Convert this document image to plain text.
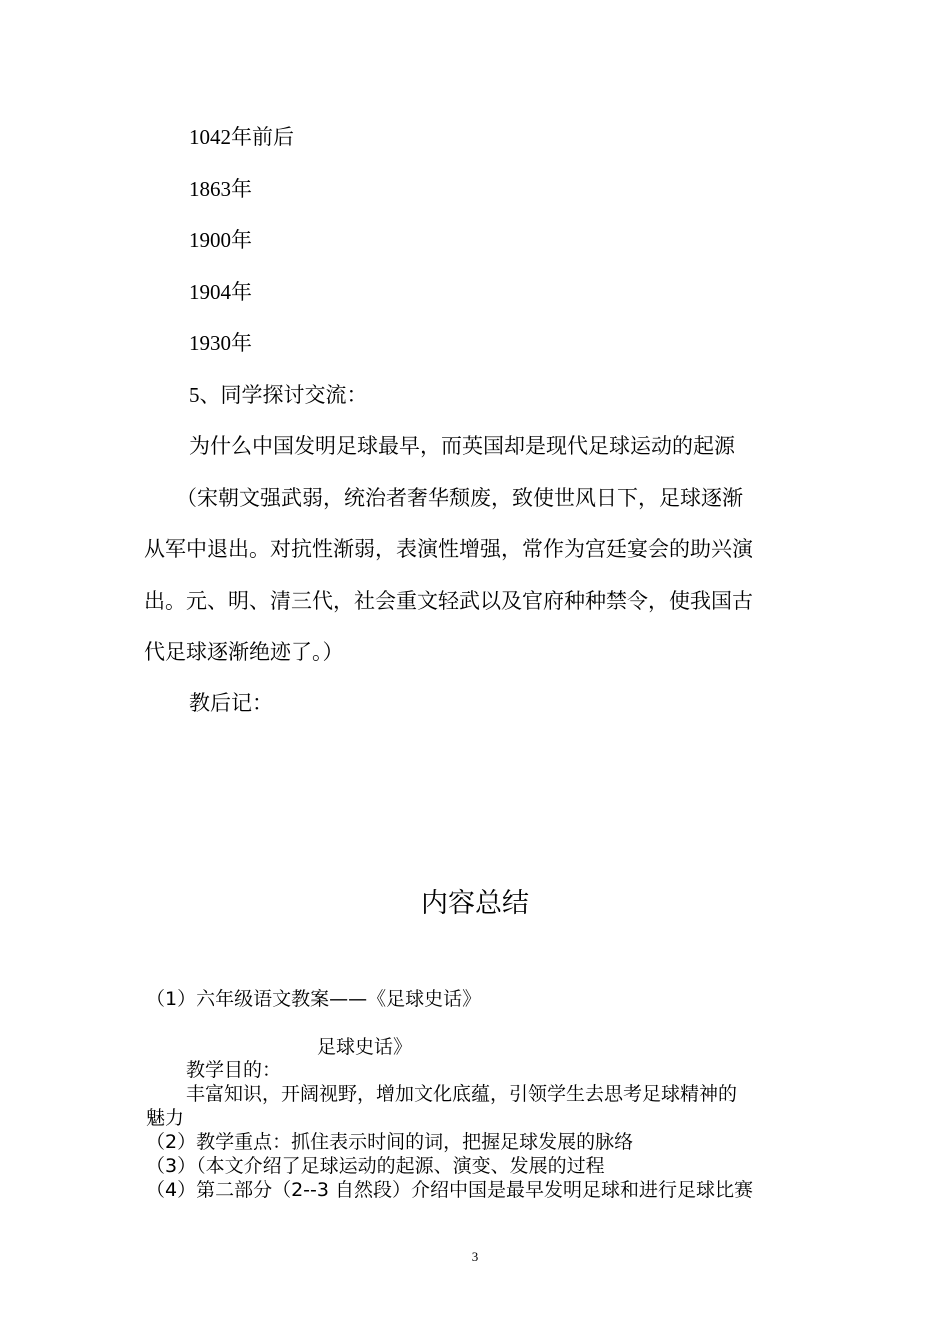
1042年前后
1863年
1900年
1904年
1930年
5、同学探讨交流：
为什么中国发明足球最早，而英国却是现代足球运动的起源
（宋朝文强武弱，统治者奢华颓废，致使世风日下，足球逐渐
从军中退出。对抗性渐弱，表演性增强，常作为宫廷宴会的助兴演
出。元、明、清三代，社会重文轻武以及官府种种禁令，使我国古
代足球逐渐绝迹了。）
教后记：
内容总结
（1）六年级语文教案——《足球史话》
足球史话》
教学目的：
丰富知识，开阔视野，增加文化底蕴，引领学生去思考足球精神的
魅力
（2）教学重点：抓住表示时间的词，把握足球发展的脉络
（3）（本文介绍了足球运动的起源、演变、发展的过程
（4）第二部分（2--3 自然段）介绍中国是最早发明足球和进行足球比赛
3
